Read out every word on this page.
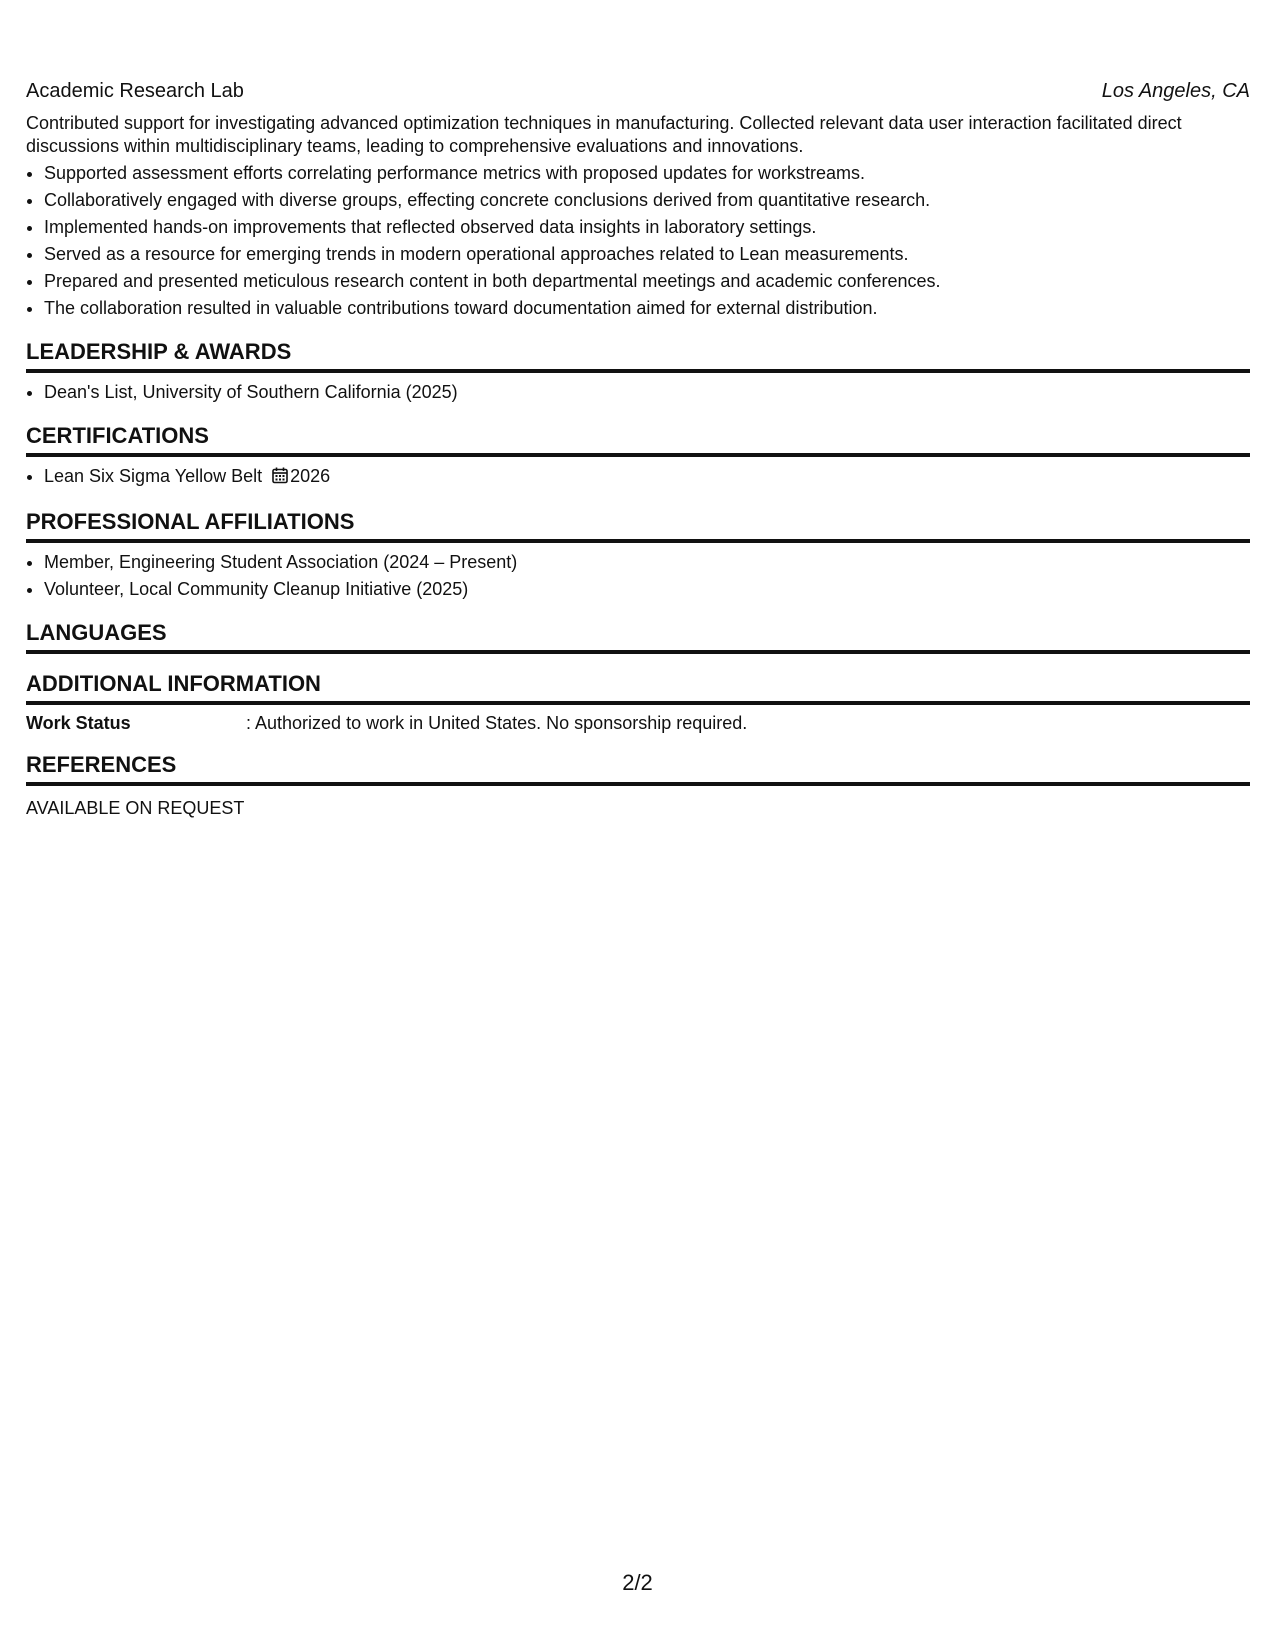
Academic Research Lab	Los Angeles, CA
Contributed support for investigating advanced optimization techniques in manufacturing. Collected relevant data user interaction facilitated direct discussions within multidisciplinary teams, leading to comprehensive evaluations and innovations.
• Supported assessment efforts correlating performance metrics with proposed updates for workstreams.
• Collaboratively engaged with diverse groups, effecting concrete conclusions derived from quantitative research.
• Implemented hands-on improvements that reflected observed data insights in laboratory settings.
• Served as a resource for emerging trends in modern operational approaches related to Lean measurements.
• Prepared and presented meticulous research content in both departmental meetings and academic conferences.
• The collaboration resulted in valuable contributions toward documentation aimed for external distribution.
LEADERSHIP & AWARDS
• Dean's List, University of Southern California (2025)
CERTIFICATIONS
• Lean Six Sigma Yellow Belt 2026
PROFESSIONAL AFFILIATIONS
• Member, Engineering Student Association (2024 – Present)
• Volunteer, Local Community Cleanup Initiative (2025)
LANGUAGES
ADDITIONAL INFORMATION
Work Status	: Authorized to work in United States. No sponsorship required.
REFERENCES
AVAILABLE ON REQUEST
2/2
